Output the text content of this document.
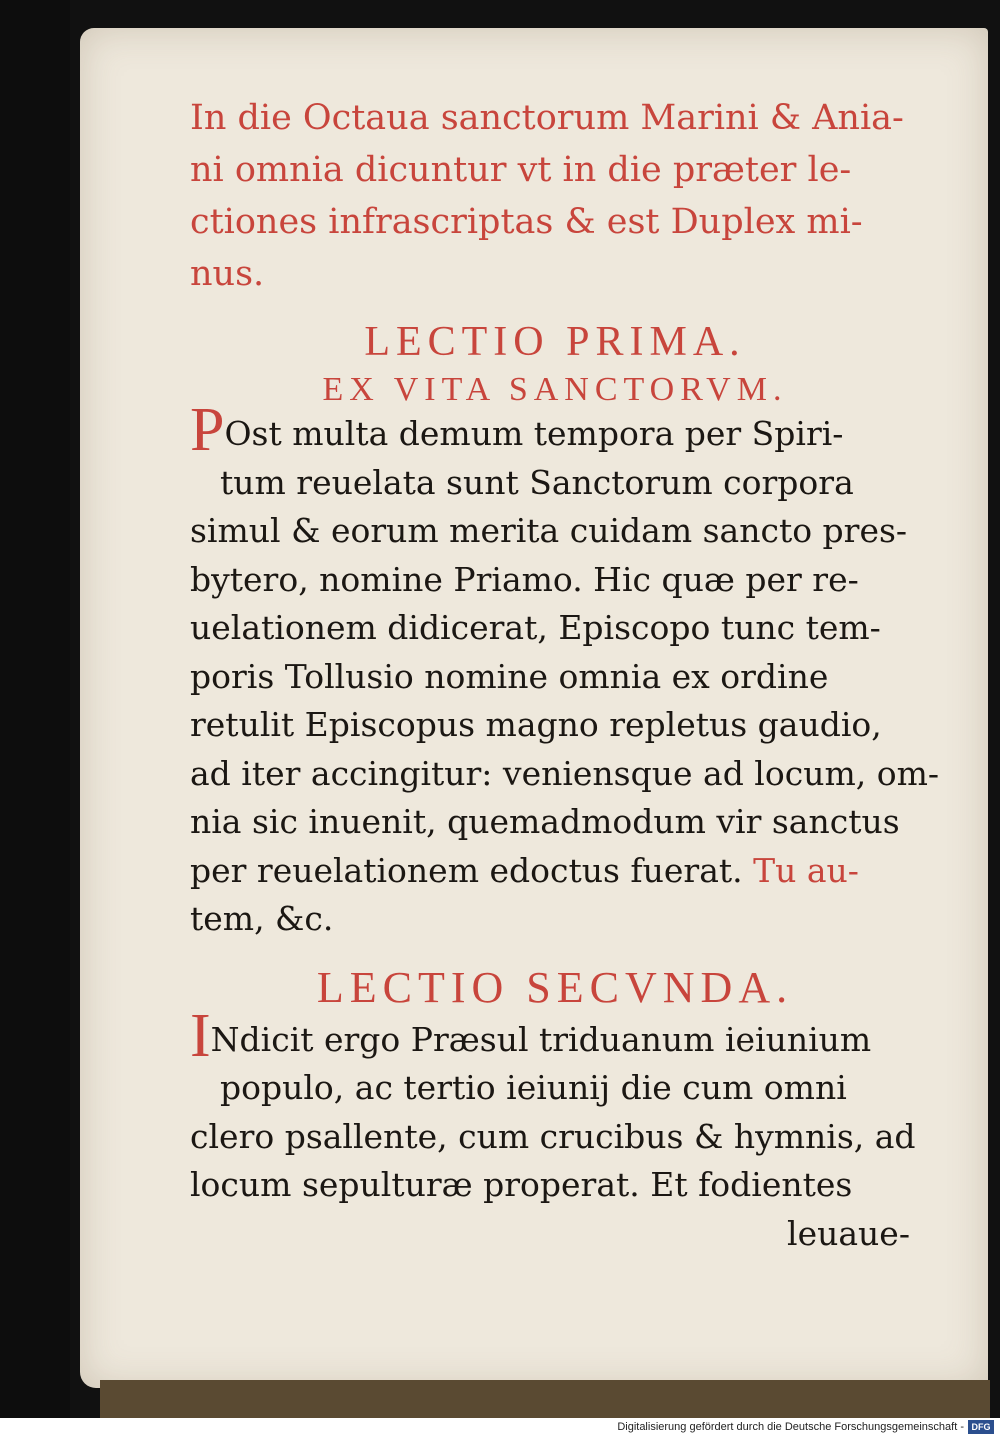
In die Octaua sanctorum Marini & Ania-
ni omnia dicuntur vt in die præter le-
ctiones infrascriptas & est Duplex mi-
nus.
LECTIO PRIMA.
EX VITA SANCTORVM.
POst multa demum tempora per Spiri-
tum reuelata sunt Sanctorum corpora
simul & eorum merita cuidam sancto pres-
bytero, nomine Priamo. Hic quæ per re-
uelationem didicerat, Episcopo tunc tem-
poris Tollusio nomine omnia ex ordine
retulit Episcopus magno repletus gaudio,
ad iter accingitur: veniensque ad locum, om-
nia sic inuenit, quemadmodum vir sanctus
per reuelationem edoctus fuerat. Tu au-
tem, &c.
LECTIO SECVNDA.
INdicit ergo Præsul triduanum ieiunium
populo, ac tertio ieiunij die cum omni
clero psallente, cum crucibus & hymnis, ad
locum sepulturæ properat. Et fodientes
leuaue-
Digitalisierung gefördert durch die Deutsche Forschungsgemeinschaft - DFG
